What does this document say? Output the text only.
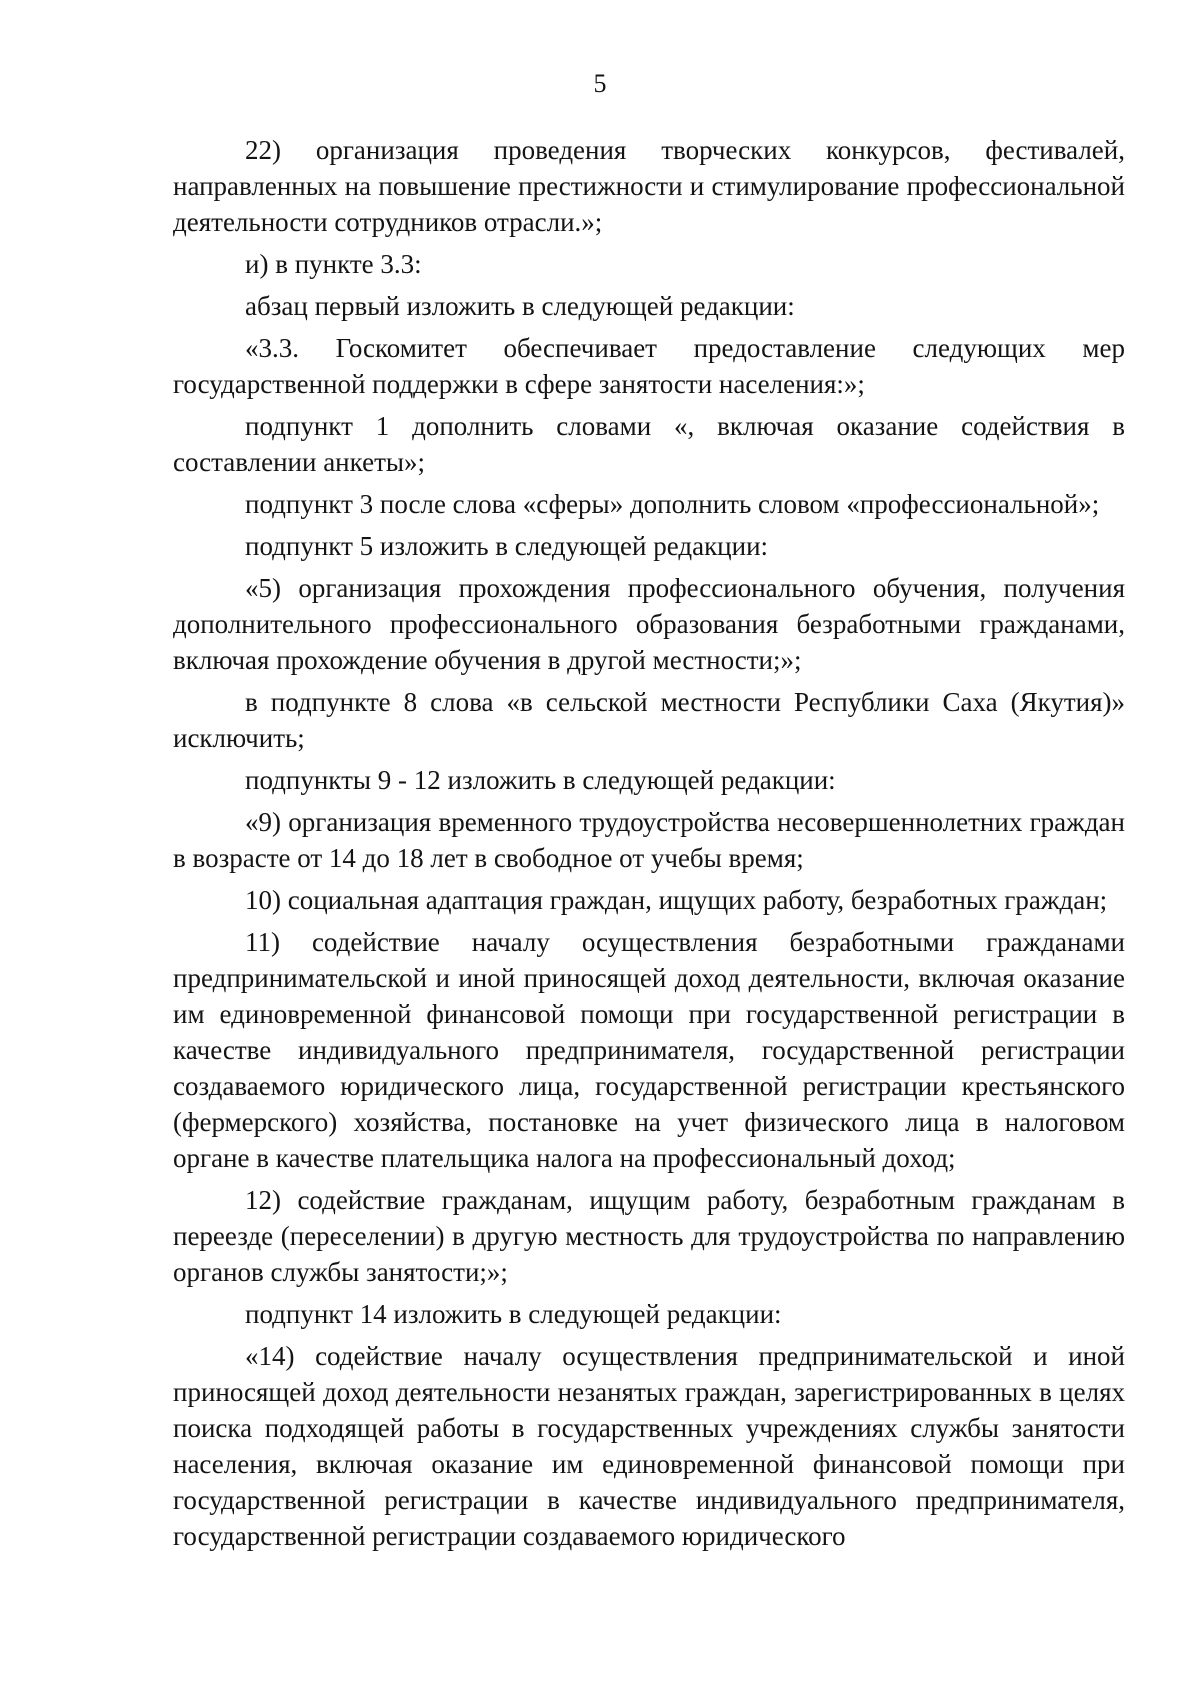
5

22) организация проведения творческих конкурсов, фестивалей, направленных на повышение престижности и стимулирование профессиональной деятельности сотрудников отрасли.»;

и) в пункте 3.3:

абзац первый изложить в следующей редакции:

«3.3. Госкомитет обеспечивает предоставление следующих мер государственной поддержки в сфере занятости населения:»;

подпункт 1 дополнить словами «, включая оказание содействия в составлении анкеты»;

подпункт 3 после слова «сферы» дополнить словом «профессиональной»;

подпункт 5 изложить в следующей редакции:

«5) организация прохождения профессионального обучения, получения дополнительного профессионального образования безработными гражданами, включая прохождение обучения в другой местности;»;

в подпункте 8 слова «в сельской местности Республики Саха (Якутия)» исключить;

подпункты 9 - 12 изложить в следующей редакции:

«9) организация временного трудоустройства несовершеннолетних граждан в возрасте от 14 до 18 лет в свободное от учебы время;

10) социальная адаптация граждан, ищущих работу, безработных граждан;

11) содействие началу осуществления безработными гражданами предпринимательской и иной приносящей доход деятельности, включая оказание им единовременной финансовой помощи при государственной регистрации в качестве индивидуального предпринимателя, государственной регистрации создаваемого юридического лица, государственной регистрации крестьянского (фермерского) хозяйства, постановке на учет физического лица в налоговом органе в качестве плательщика налога на профессиональный доход;

12) содействие гражданам, ищущим работу, безработным гражданам в переезде (переселении) в другую местность для трудоустройства по направлению органов службы занятости;»;

подпункт 14 изложить в следующей редакции:

«14) содействие началу осуществления предпринимательской и иной приносящей доход деятельности незанятых граждан, зарегистрированных в целях поиска подходящей работы в государственных учреждениях службы занятости населения, включая оказание им единовременной финансовой помощи при государственной регистрации в качестве индивидуального предпринимателя, государственной регистрации создаваемого юридического
